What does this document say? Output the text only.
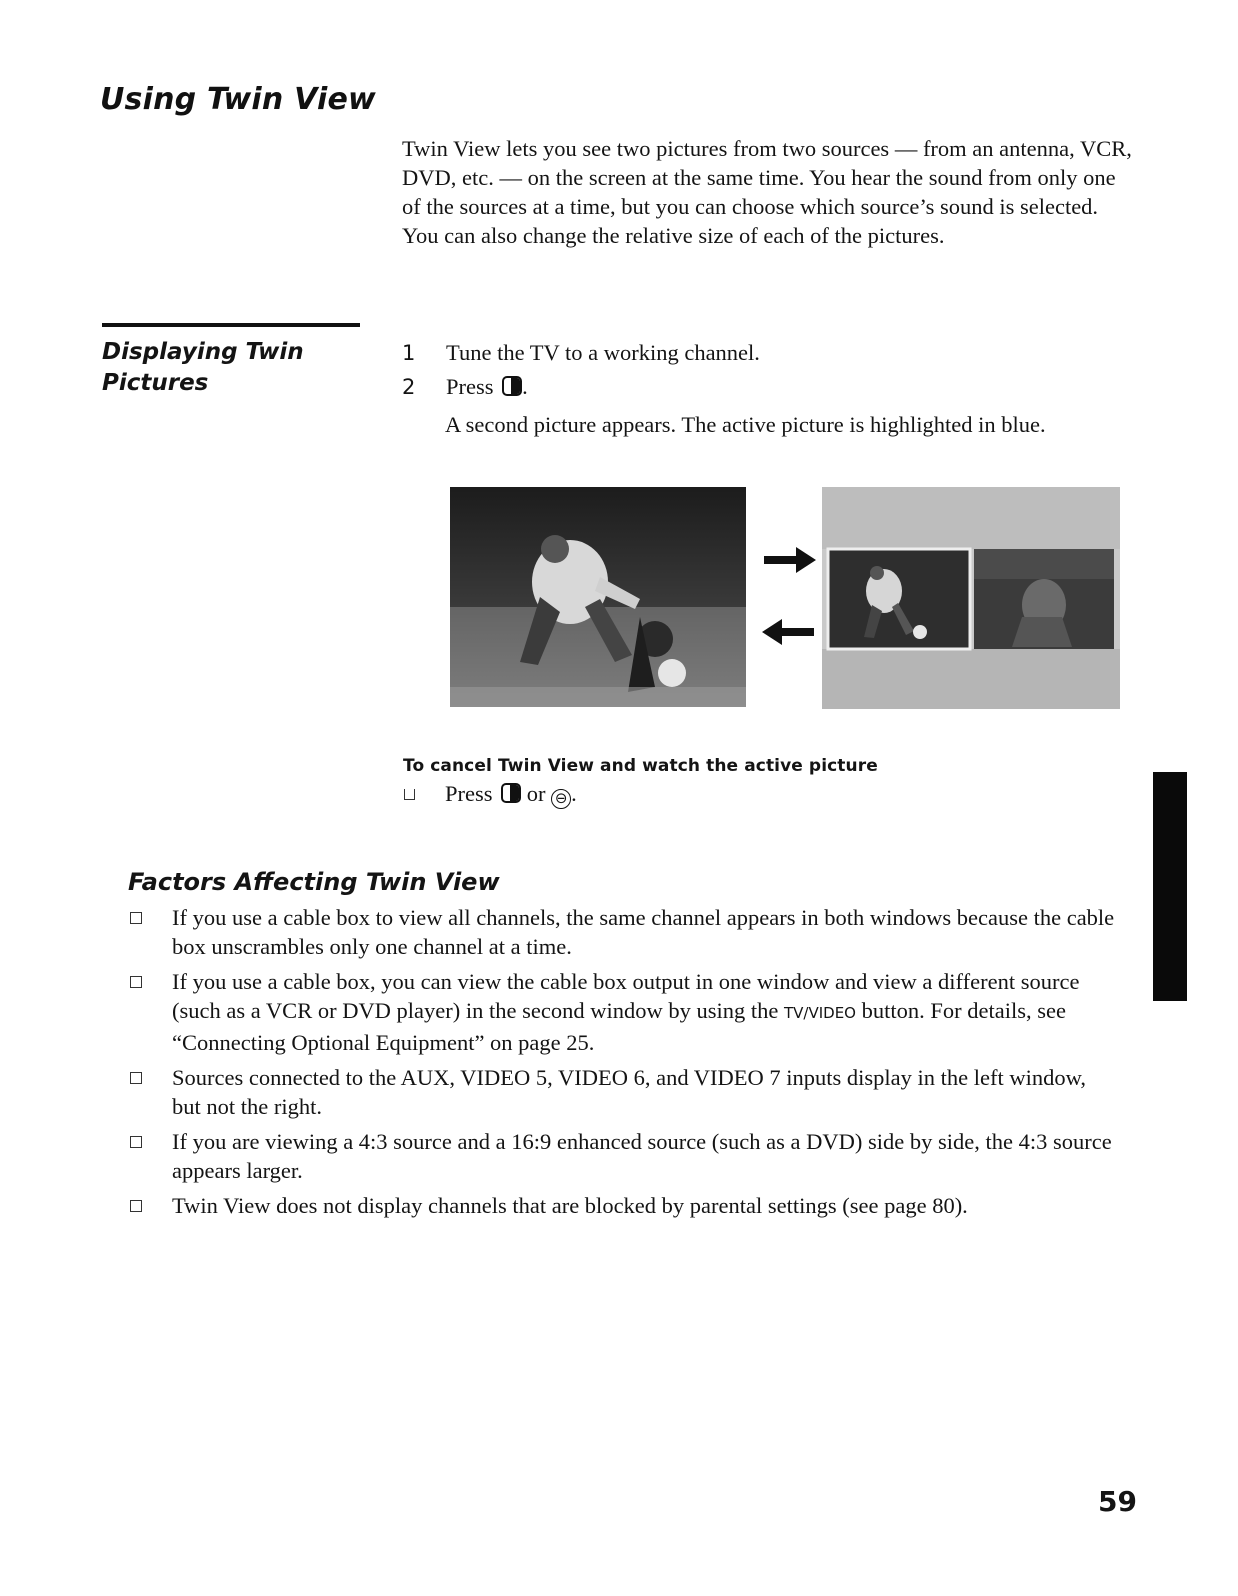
Using Twin View

Twin View lets you see two pictures from two sources — from an antenna, VCR, DVD, etc. — on the screen at the same time. You hear the sound from only one of the sources at a time, but you can choose which source’s sound is selected. You can also change the relative size of each of the pictures.

Displaying Twin Pictures
1 Tune the TV to a working channel.
2 Press .

A second picture appears. The active picture is highlighted in blue.

To cancel Twin View and watch the active picture
Press or ⊖ .
Factors Affecting Twin View
If you use a cable box to view all channels, the same channel appears in both windows because the cable box unscrambles only one channel at a time.
If you use a cable box, you can view the cable box output in one window and view a different source (such as a VCR or DVD player) in the second window by using the TV/VIDEO button. For details, see “Connecting Optional Equipment” on page 25.
Sources connected to the AUX, VIDEO 5, VIDEO 6, and VIDEO 7 inputs display in the left window, but not the right.
If you are viewing a 4:3 source and a 16:9 enhanced source (such as a DVD) side by side, the 4:3 source appears larger.
Twin View does not display channels that are blocked by parental settings (see page 80).
59
